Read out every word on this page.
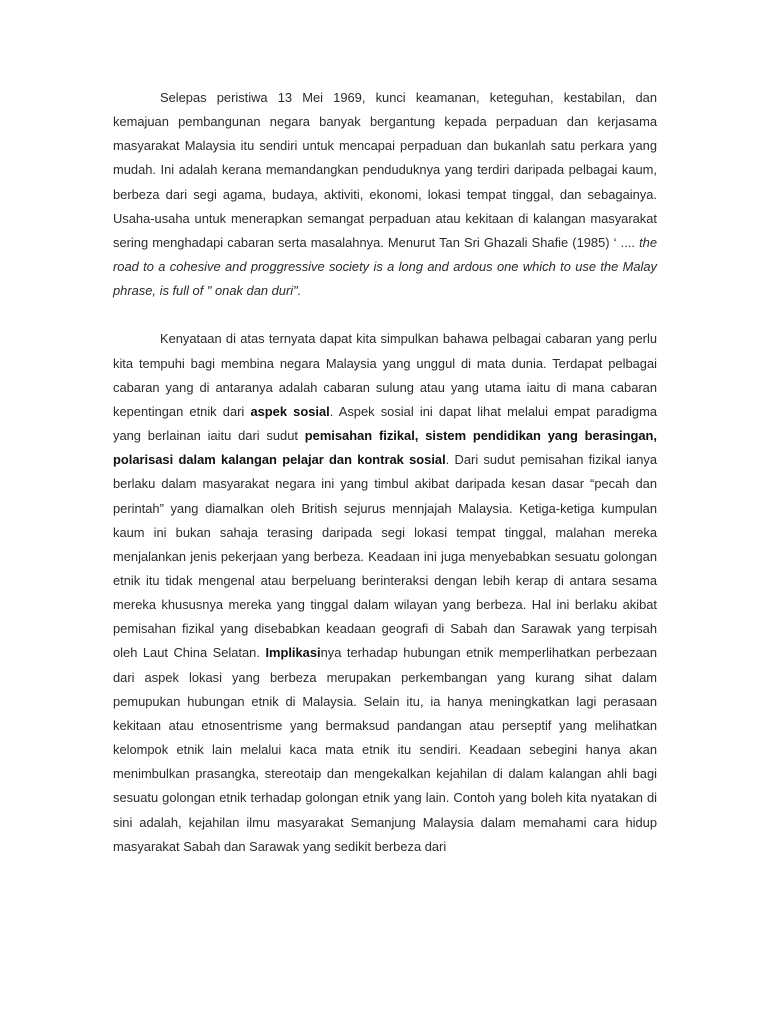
Selepas peristiwa 13 Mei 1969, kunci keamanan, keteguhan, kestabilan, dan kemajuan pembangunan negara banyak bergantung kepada perpaduan dan kerjasama masyarakat Malaysia itu sendiri untuk mencapai perpaduan dan bukanlah satu perkara yang mudah. Ini adalah kerana memandangkan penduduknya yang terdiri daripada pelbagai kaum, berbeza dari segi agama, budaya, aktiviti, ekonomi, lokasi tempat tinggal, dan sebagainya. Usaha-usaha untuk menerapkan semangat perpaduan atau kekitaan di kalangan masyarakat sering menghadapi cabaran serta masalahnya. Menurut Tan Sri Ghazali Shafie (1985) ‘ .... the road to a cohesive and proggressive society is a long and ardous one which to use the Malay phrase, is full of " onak dan duri".

Kenyataan di atas ternyata dapat kita simpulkan bahawa pelbagai cabaran yang perlu kita tempuhi bagi membina negara Malaysia yang unggul di mata dunia. Terdapat pelbagai cabaran yang di antaranya adalah cabaran sulung atau yang utama iaitu di mana cabaran kepentingan etnik dari aspek sosial. Aspek sosial ini dapat lihat melalui empat paradigma yang berlainan iaitu dari sudut pemisahan fizikal, sistem pendidikan yang berasingan, polarisasi dalam kalangan pelajar dan kontrak sosial. Dari sudut pemisahan fizikal ianya berlaku dalam masyarakat negara ini yang timbul akibat daripada kesan dasar “pecah dan perintah” yang diamalkan oleh British sejurus mennjajah Malaysia. Ketiga-ketiga kumpulan kaum ini bukan sahaja terasing daripada segi lokasi tempat tinggal, malahan mereka menjalankan jenis pekerjaan yang berbeza. Keadaan ini juga menyebabkan sesuatu golongan etnik itu tidak mengenal atau berpeluang berinteraksi dengan lebih kerap di antara sesama mereka khususnya mereka yang tinggal dalam wilayan yang berbeza. Hal ini berlaku akibat pemisahan fizikal yang disebabkan keadaan geografi di Sabah dan Sarawak yang terpisah oleh Laut China Selatan. Implikasinya terhadap hubungan etnik memperlihatkan perbezaan dari aspek lokasi yang berbeza merupakan perkembangan yang kurang sihat dalam pemupukan hubungan etnik di Malaysia. Selain itu, ia hanya meningkatkan lagi perasaan kekitaan atau etnosentrisme yang bermaksud pandangan atau perseptif yang melihatkan kelompok etnik lain melalui kaca mata etnik itu sendiri. Keadaan sebegini hanya akan menimbulkan prasangka, stereotaip dan mengekalkan kejahilan di dalam kalangan ahli bagi sesuatu golongan etnik terhadap golongan etnik yang lain. Contoh yang boleh kita nyatakan di sini adalah, kejahilan ilmu masyarakat Semanjung Malaysia dalam memahami cara hidup masyarakat Sabah dan Sarawak yang sedikit berbeza dari
